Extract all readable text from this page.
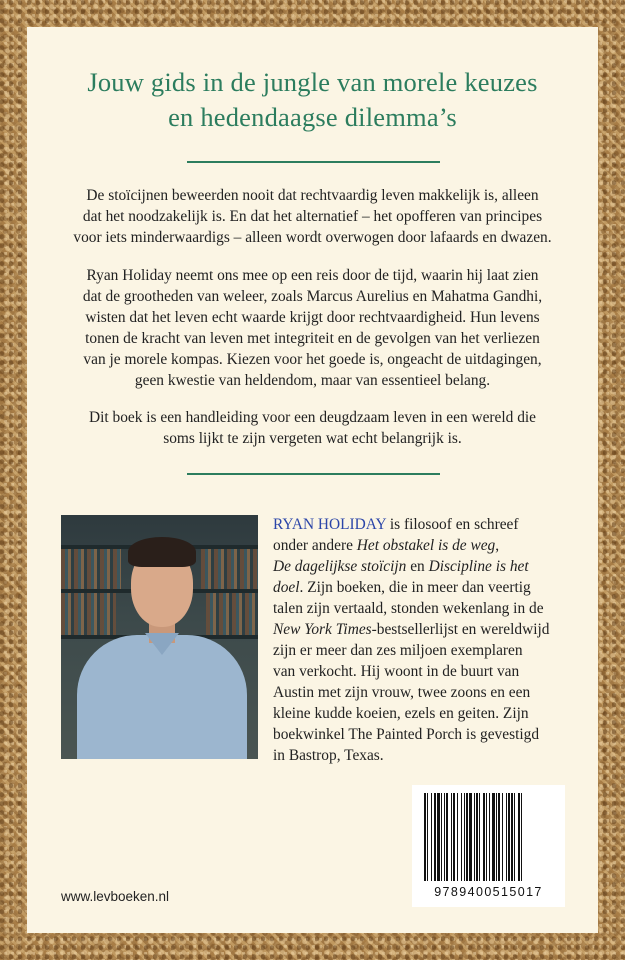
Jouw gids in de jungle van morele keuzes
en hedendaagse dilemma’s

De stoïcijnen beweerden nooit dat rechtvaardig leven makkelijk is, alleen
dat het noodzakelijk is. En dat het alternatief – het opofferen van principes
voor iets minderwaardigs – alleen wordt overwogen door lafaards en dwazen.

Ryan Holiday neemt ons mee op een reis door de tijd, waarin hij laat zien
dat de grootheden van weleer, zoals Marcus Aurelius en Mahatma Gandhi,
wisten dat het leven echt waarde krijgt door rechtvaardigheid. Hun levens
tonen de kracht van leven met integriteit en de gevolgen van het verliezen
van je morele kompas. Kiezen voor het goede is, ongeacht de uitdagingen,
geen kwestie van heldendom, maar van essentieel belang.

Dit boek is een handleiding voor een deugdzaam leven in een wereld die
soms lijkt te zijn vergeten wat echt belangrijk is.

RYAN HOLIDAY is filosoof en schreef
onder andere Het obstakel is de weg,
De dagelijkse stoïcijn en Discipline is het
doel. Zijn boeken, die in meer dan veertig
talen zijn vertaald, stonden wekenlang in de
New York Times-bestsellerlijst en wereldwijd
zijn er meer dan zes miljoen exemplaren
van verkocht. Hij woont in de buurt van
Austin met zijn vrouw, twee zoons en een
kleine kudde koeien, ezels en geiten. Zijn
boekwinkel The Painted Porch is gevestigd
in Bastrop, Texas.

9789400515017

www.levboeken.nl
